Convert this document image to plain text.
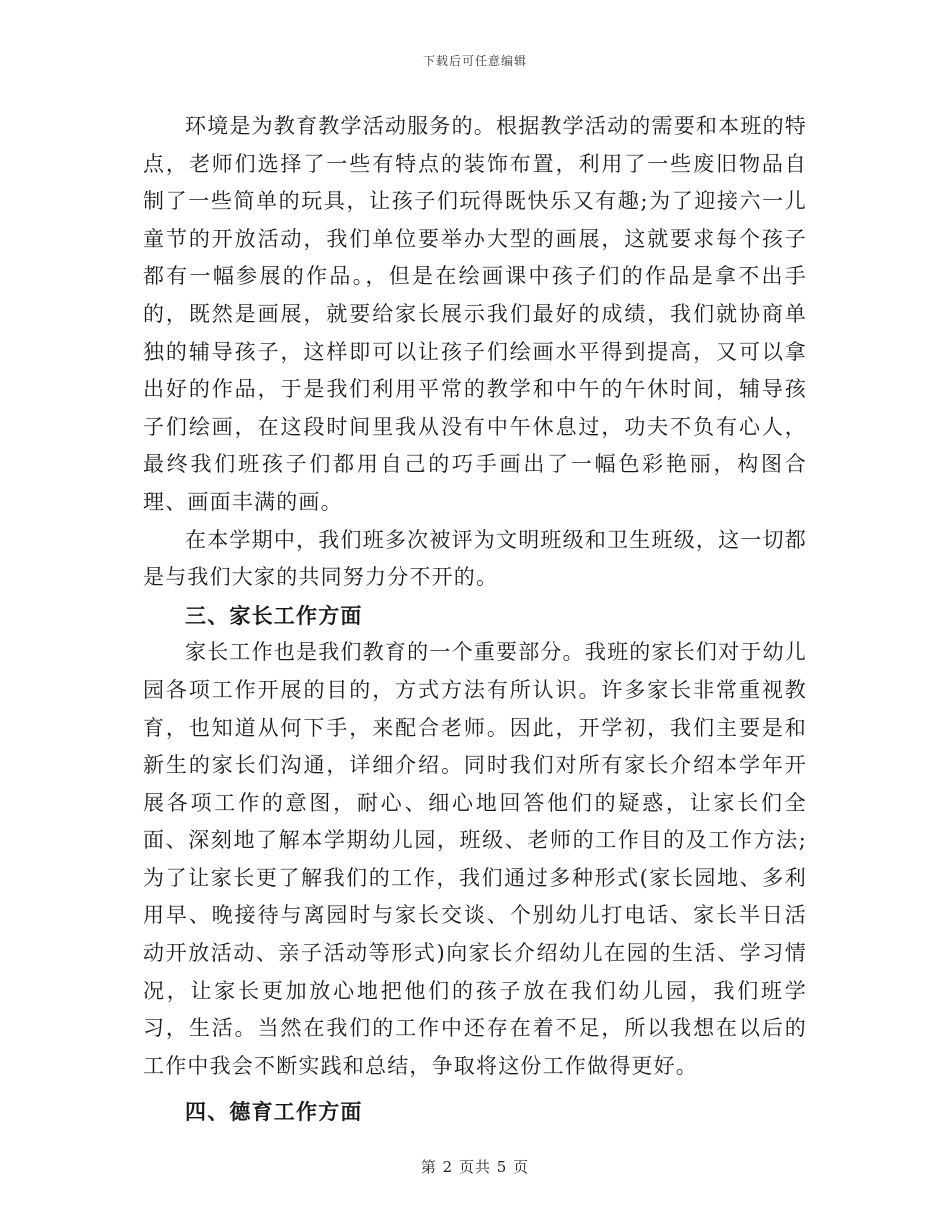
下载后可任意编辑

环境是为教育教学活动服务的。根据教学活动的需要和本班的特点，老师们选择了一些有特点的装饰布置，利用了一些废旧物品自制了一些简单的玩具，让孩子们玩得既快乐又有趣;为了迎接六一儿童节的开放活动，我们单位要举办大型的画展，这就要求每个孩子都有一幅参展的作品。，但是在绘画课中孩子们的作品是拿不出手的，既然是画展，就要给家长展示我们最好的成绩，我们就协商单独的辅导孩子，这样即可以让孩子们绘画水平得到提高，又可以拿出好的作品，于是我们利用平常的教学和中午的午休时间，辅导孩子们绘画，在这段时间里我从没有中午休息过，功夫不负有心人，最终我们班孩子们都用自己的巧手画出了一幅色彩艳丽，构图合理、画面丰满的画。

在本学期中，我们班多次被评为文明班级和卫生班级，这一切都是与我们大家的共同努力分不开的。

三、家长工作方面

家长工作也是我们教育的一个重要部分。我班的家长们对于幼儿园各项工作开展的目的，方式方法有所认识。许多家长非常重视教育，也知道从何下手，来配合老师。因此，开学初，我们主要是和新生的家长们沟通，详细介绍。同时我们对所有家长介绍本学年开展各项工作的意图，耐心、细心地回答他们的疑惑，让家长们全面、深刻地了解本学期幼儿园，班级、老师的工作目的及工作方法;为了让家长更了解我们的工作，我们通过多种形式(家长园地、多利用早、晚接待与离园时与家长交谈、个别幼儿打电话、家长半日活动开放活动、亲子活动等形式)向家长介绍幼儿在园的生活、学习情况，让家长更加放心地把他们的孩子放在我们幼儿园，我们班学习，生活。当然在我们的工作中还存在着不足，所以我想在以后的工作中我会不断实践和总结，争取将这份工作做得更好。

四、德育工作方面

第 2 页共 5 页
